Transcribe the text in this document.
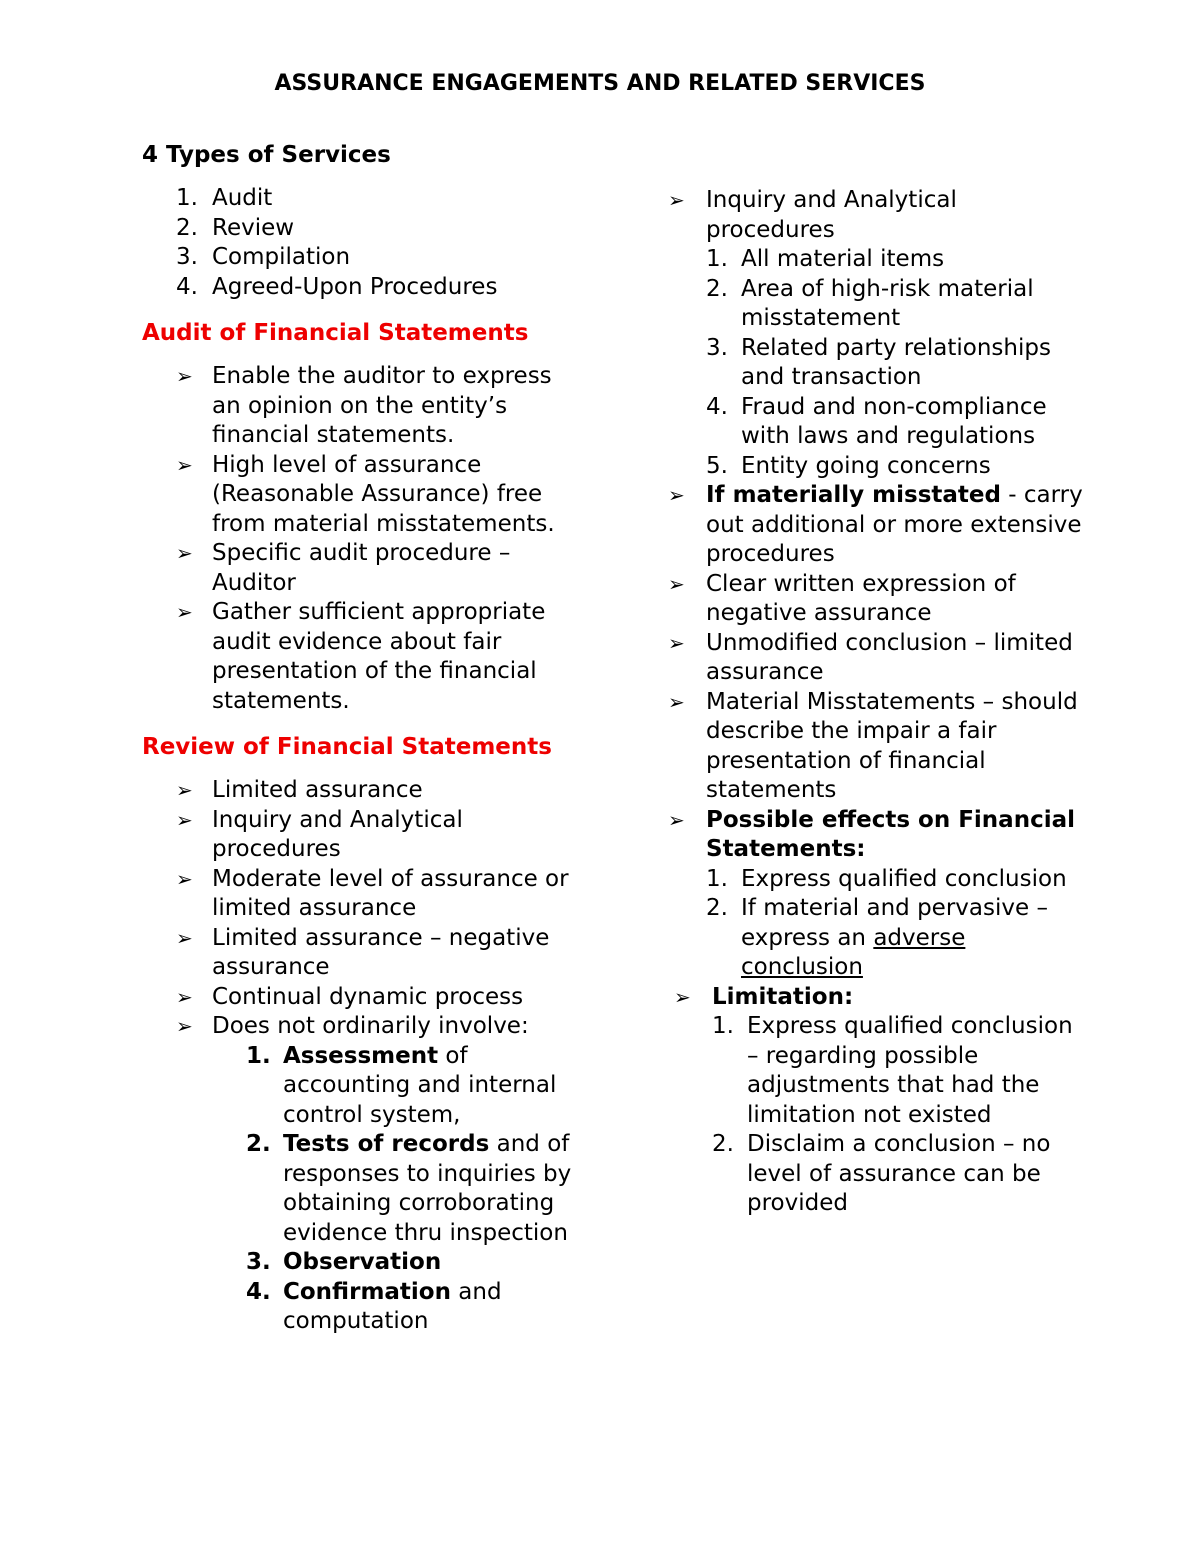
ASSURANCE ENGAGEMENTS AND RELATED SERVICES
4 Types of Services
1. Audit
2. Review
3. Compilation
4. Agreed-Upon Procedures
Audit of Financial Statements
➢ Enable the auditor to express an opinion on the entity’s financial statements.
➢ High level of assurance (Reasonable Assurance) free from material misstatements.
➢ Specific audit procedure – Auditor
➢ Gather sufficient appropriate audit evidence about fair presentation of the financial statements.
Review of Financial Statements
➢ Limited assurance
➢ Inquiry and Analytical procedures
➢ Moderate level of assurance or limited assurance
➢ Limited assurance – negative assurance
➢ Continual dynamic process
➢ Does not ordinarily involve:
1. Assessment of accounting and internal control system,
2. Tests of records and of responses to inquiries by obtaining corroborating evidence thru inspection
3. Observation
4. Confirmation and computation
➢ Inquiry and Analytical procedures
1. All material items
2. Area of high-risk material misstatement
3. Related party relationships and transaction
4. Fraud and non-compliance with laws and regulations
5. Entity going concerns
➢ If materially misstated - carry out additional or more extensive procedures
➢ Clear written expression of negative assurance
➢ Unmodified conclusion – limited assurance
➢ Material Misstatements – should describe the impair a fair presentation of financial statements
➢ Possible effects on Financial Statements:
1. Express qualified conclusion
2. If material and pervasive – express an adverse conclusion
➢ Limitation:
1. Express qualified conclusion – regarding possible adjustments that had the limitation not existed
2. Disclaim a conclusion – no level of assurance can be provided
